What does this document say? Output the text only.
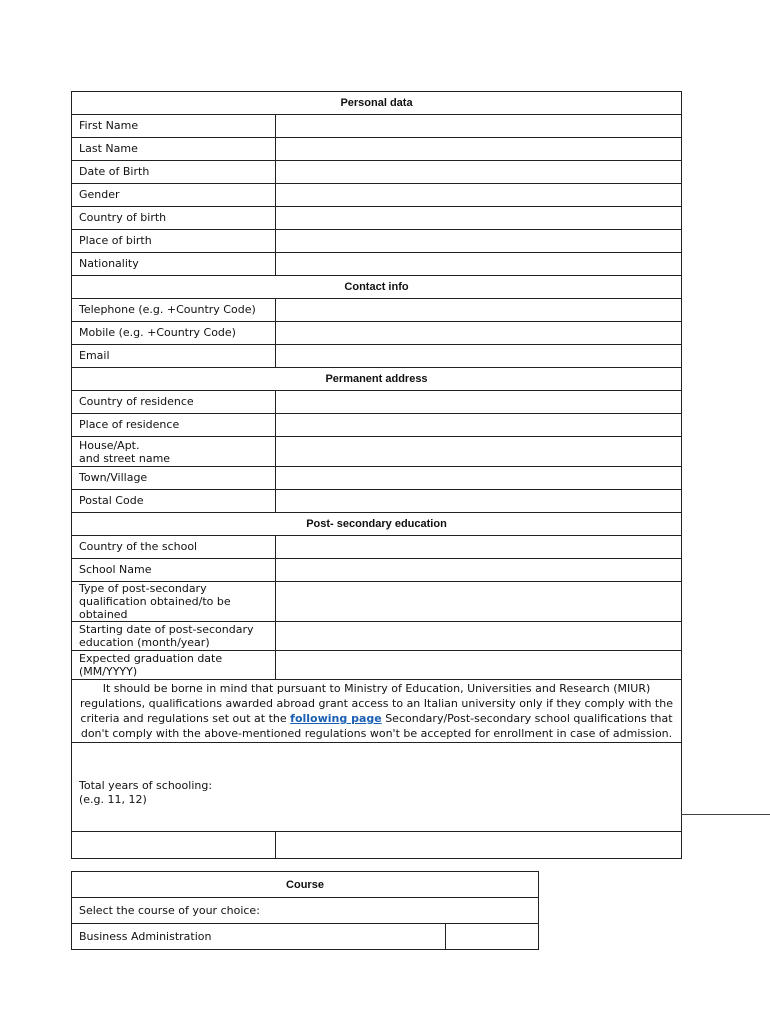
Personal data	
First Name	
Last Name	
Date of Birth	
Gender	
Country of birth	
Place of birth	
Nationality	
Contact info	
Telephone (e.g. +Country Code)	
Mobile (e.g. +Country Code)	
Email	
Permanent address	
Country of residence	
Place of residence	
House/Apt.
and street name	
Town/Village	
Postal Code	
Post- secondary education	
Country of the school	
School Name	
Type of post-secondary qualification obtained/to be obtained	
Starting date of post-secondary education (month/year)	
Expected graduation date (MM/YYYY)	
It should be borne in mind that pursuant to Ministry of Education, Universities and Research (MIUR) regulations, qualifications awarded abroad grant access to an Italian university only if they comply with the criteria and regulations set out at the following page Secondary/Post-secondary school qualifications that don't comply with the above-mentioned regulations won't be accepted for enrollment in case of admission.	

Total years of schooling:
(e.g. 11, 12)	

Course
Select the course of your choice:
Business Administration	
